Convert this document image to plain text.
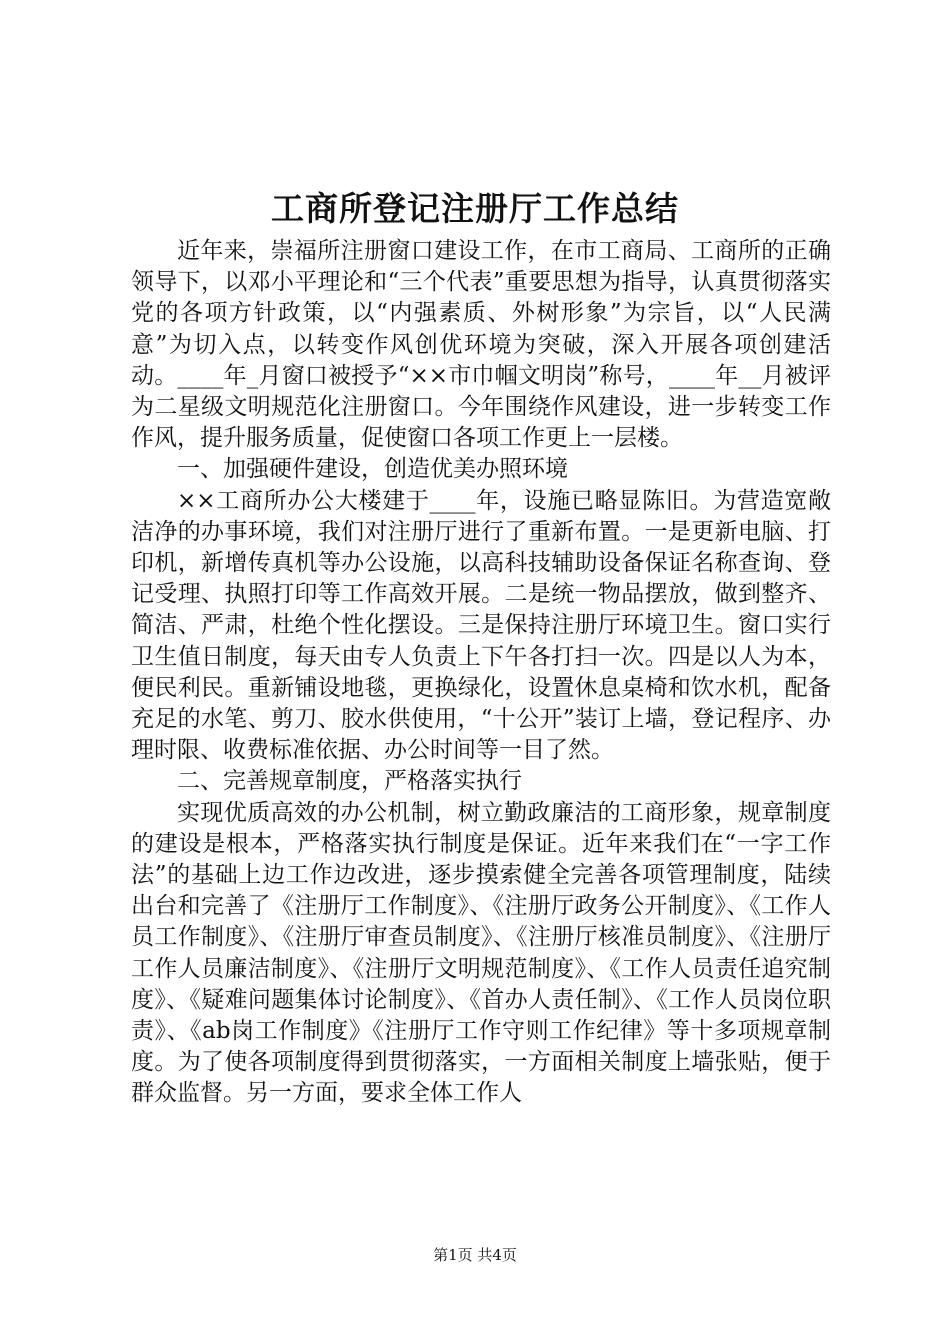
工商所登记注册厅工作总结

近年来，崇福所注册窗口建设工作，在市工商局、工商所的正确领导下，以邓小平理论和“三个代表”重要思想为指导，认真贯彻落实党的各项方针政策，以“内强素质、外树形象”为宗旨，以“人民满意”为切入点，以转变作风创优环境为突破，深入开展各项创建活动。____年_月窗口被授予“××市巾帼文明岗”称号，____年__月被评为二星级文明规范化注册窗口。今年围绕作风建设，进一步转变工作作风，提升服务质量，促使窗口各项工作更上一层楼。

一、加强硬件建设，创造优美办照环境

××工商所办公大楼建于____年，设施已略显陈旧。为营造宽敞洁净的办事环境，我们对注册厅进行了重新布置。一是更新电脑、打印机，新增传真机等办公设施，以高科技辅助设备保证名称查询、登记受理、执照打印等工作高效开展。二是统一物品摆放，做到整齐、简洁、严肃，杜绝个性化摆设。三是保持注册厅环境卫生。窗口实行卫生值日制度，每天由专人负责上下午各打扫一次。四是以人为本，便民利民。重新铺设地毯，更换绿化，设置休息桌椅和饮水机，配备充足的水笔、剪刀、胶水供使用，“十公开”装订上墙，登记程序、办理时限、收费标准依据、办公时间等一目了然。

二、完善规章制度，严格落实执行

实现优质高效的办公机制，树立勤政廉洁的工商形象，规章制度的建设是根本，严格落实执行制度是保证。近年来我们在“一字工作法”的基础上边工作边改进，逐步摸索健全完善各项管理制度，陆续出台和完善了《注册厅工作制度》、《注册厅政务公开制度》、《工作人员工作制度》、《注册厅审查员制度》、《注册厅核准员制度》、《注册厅工作人员廉洁制度》、《注册厅文明规范制度》、《工作人员责任追究制度》、《疑难问题集体讨论制度》、《首办人责任制》、《工作人员岗位职责》、《ab岗工作制度》《注册厅工作守则工作纪律》等十多项规章制度。为了使各项制度得到贯彻落实，一方面相关制度上墙张贴，便于群众监督。另一方面，要求全体工作人

第1页 共4页
